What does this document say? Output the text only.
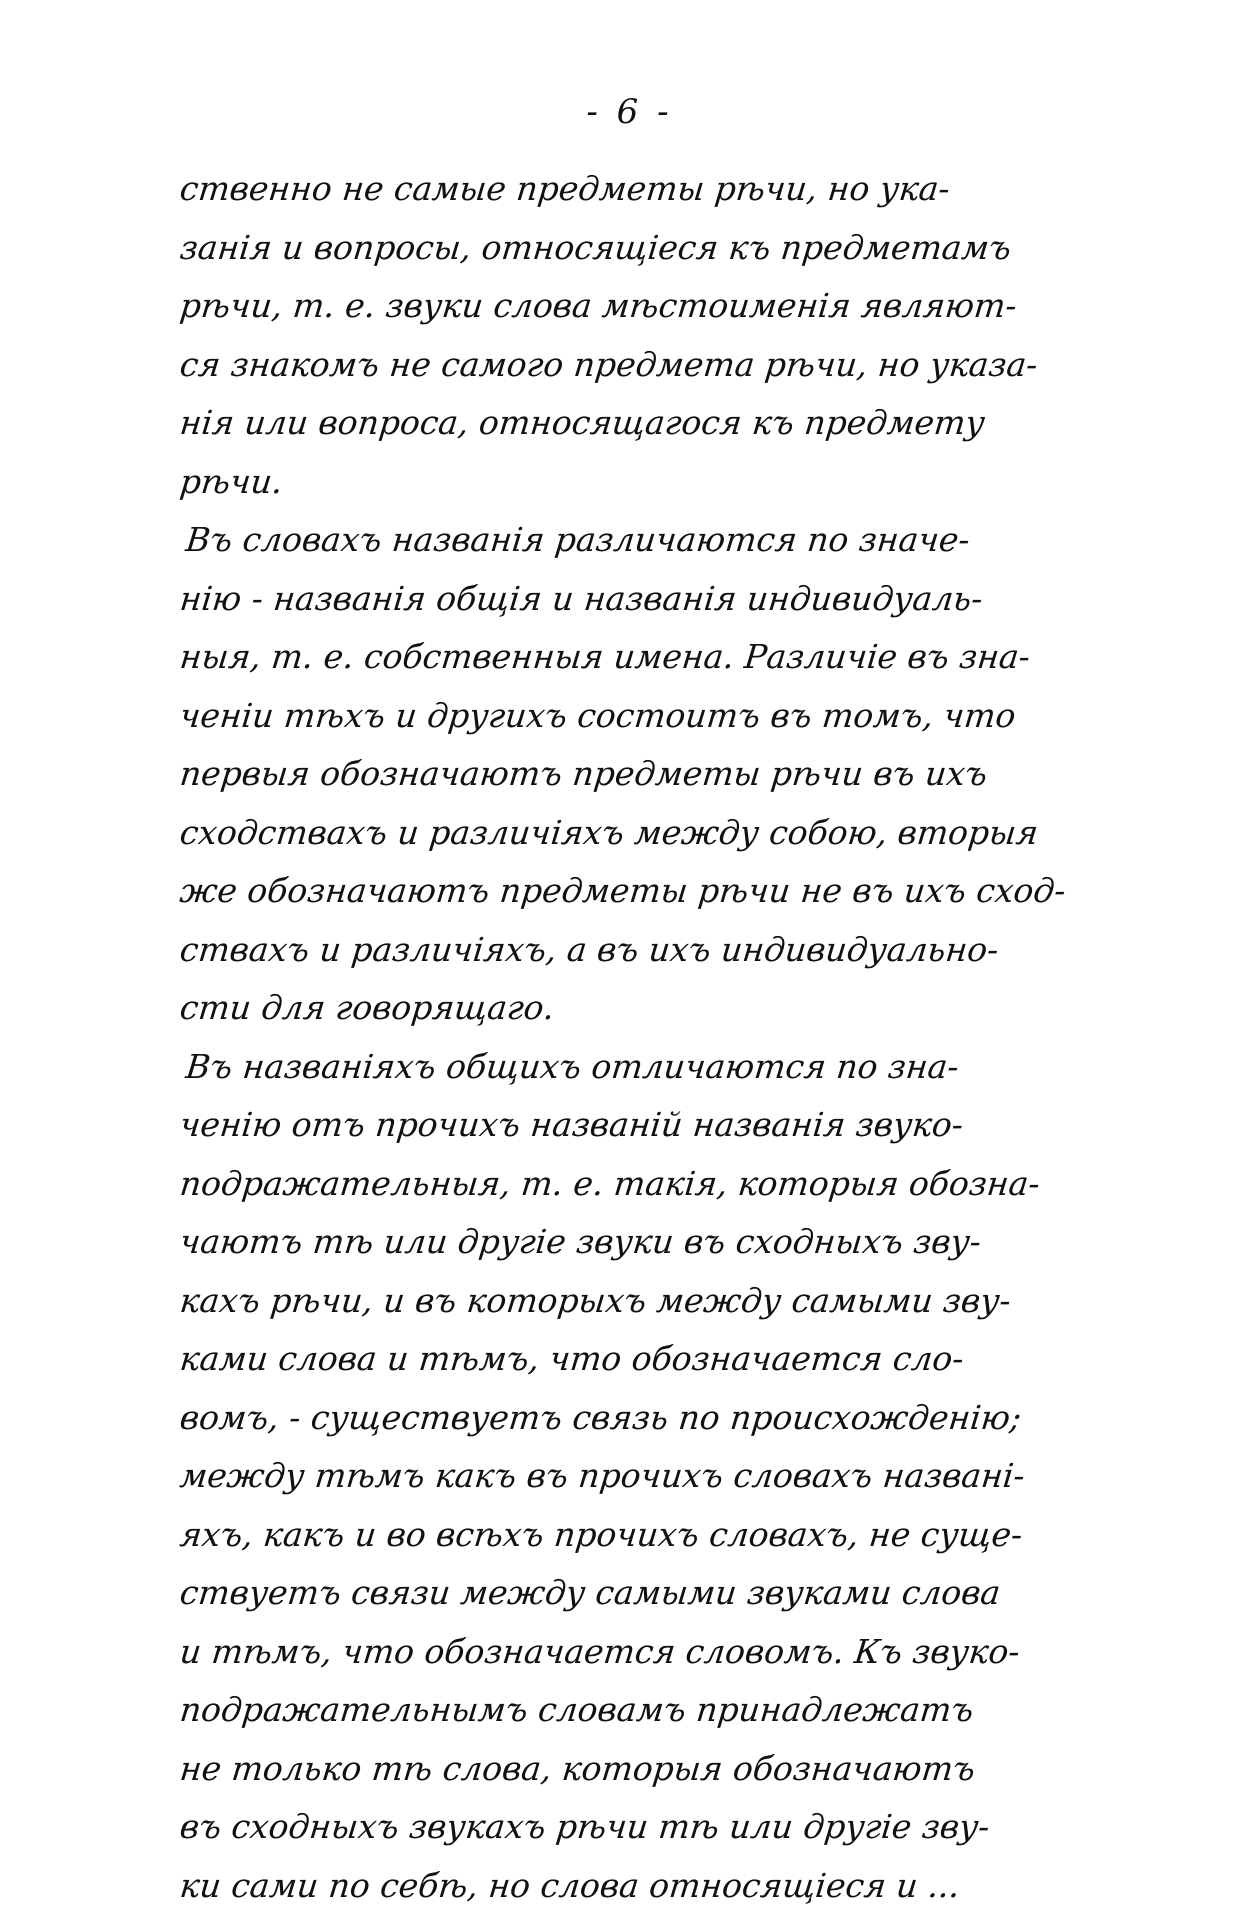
- 6 -
ственно не самые предметы рѣчи, но ука-
занія и вопросы, относящіеся къ предметамъ
рѣчи, т. е. звуки слова мѣстоименія являют-
ся знакомъ не самого предмета рѣчи, но указа-
нія или вопроса, относящагося къ предмету
рѣчи.
Въ словахъ названія различаются по значе-
нію - названія общія и названія индивидуаль-
ныя, т. е. собственныя имена. Различіе въ зна-
ченіи тѣхъ и другихъ состоитъ въ томъ, что
первыя обозначаютъ предметы рѣчи въ ихъ
сходствахъ и различіяхъ между собою, вторыя
же обозначаютъ предметы рѣчи не въ ихъ сход-
ствахъ и различіяхъ, а въ ихъ индивидуально-
сти для говорящаго.
Въ названіяхъ общихъ отличаются по зна-
ченію отъ прочихъ названій названія звуко-
подражательныя, т. е. такія, которыя обозна-
чаютъ тѣ или другіе звуки въ сходныхъ зву-
кахъ рѣчи, и въ которыхъ между самыми зву-
ками слова и тѣмъ, что обозначается сло-
вомъ, - существуетъ связь по происхожденію;
между тѣмъ какъ въ прочихъ словахъ названі-
яхъ, какъ и во всѣхъ прочихъ словахъ, не суще-
ствуетъ связи между самыми звуками слова
и тѣмъ, что обозначается словомъ. Къ звуко-
подражательнымъ словамъ принадлежатъ
не только тѣ слова, которыя обозначаютъ
въ сходныхъ звукахъ рѣчи тѣ или другіе зву-
ки сами по себѣ, но слова относящіеся и ...
